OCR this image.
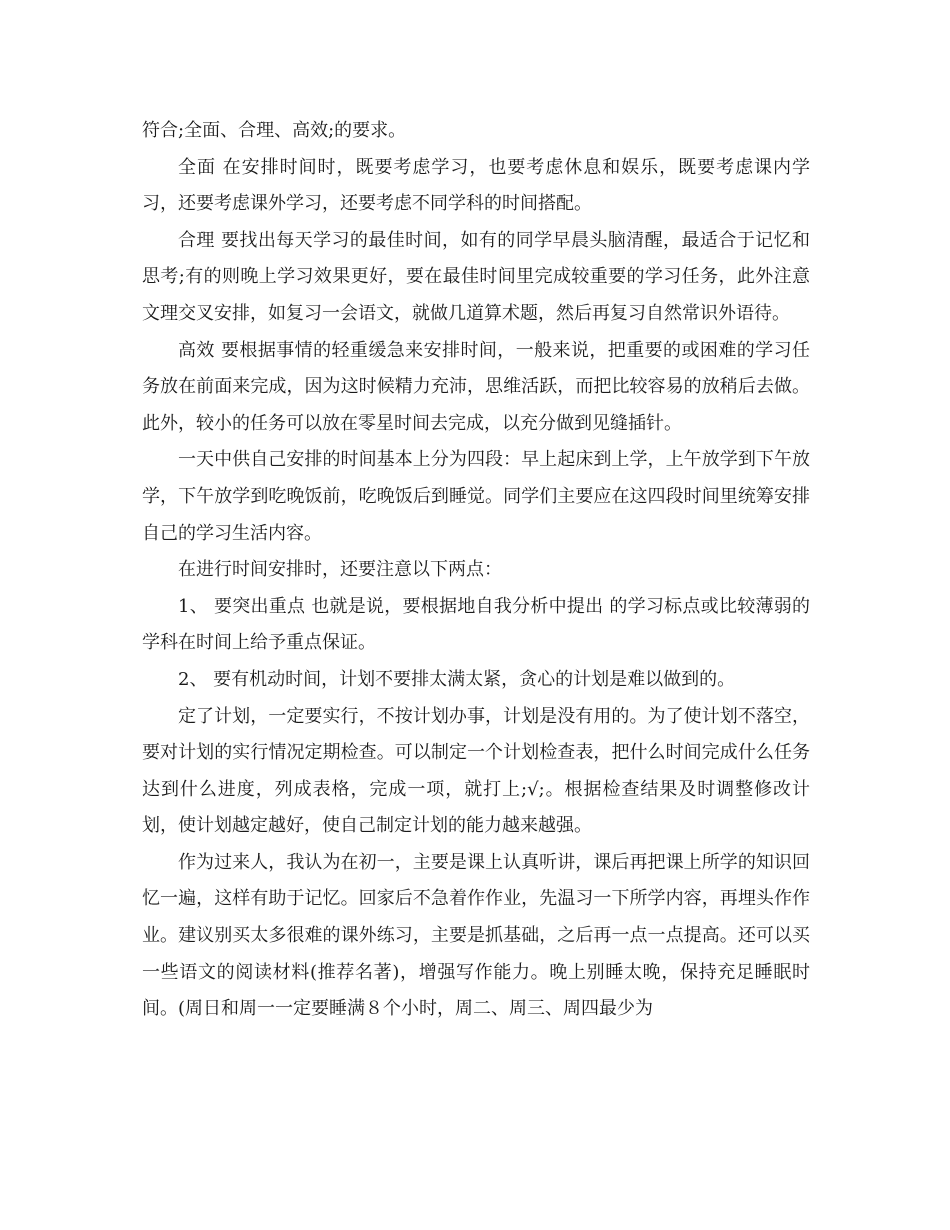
符合;全面、合理、高效;的要求。

全面 在安排时间时，既要考虑学习，也要考虑休息和娱乐，既要考虑课内学习，还要考虑课外学习，还要考虑不同学科的时间搭配。

合理 要找出每天学习的最佳时间，如有的同学早晨头脑清醒，最适合于记忆和思考;有的则晚上学习效果更好，要在最佳时间里完成较重要的学习任务，此外注意文理交叉安排，如复习一会语文，就做几道算术题，然后再复习自然常识外语待。

高效 要根据事情的轻重缓急来安排时间，一般来说，把重要的或困难的学习任务放在前面来完成，因为这时候精力充沛，思维活跃，而把比较容易的放稍后去做。此外，较小的任务可以放在零星时间去完成，以充分做到见缝插针。

一天中供自己安排的时间基本上分为四段：早上起床到上学，上午放学到下午放学，下午放学到吃晚饭前，吃晚饭后到睡觉。同学们主要应在这四段时间里统筹安排自己的学习生活内容。

在进行时间安排时，还要注意以下两点：

1、 要突出重点 也就是说，要根据地自我分析中提出 的学习标点或比较薄弱的学科在时间上给予重点保证。

2、 要有机动时间，计划不要排太满太紧，贪心的计划是难以做到的。

定了计划，一定要实行，不按计划办事，计划是没有用的。为了使计划不落空，要对计划的实行情况定期检查。可以制定一个计划检查表，把什么时间完成什么任务达到什么进度，列成表格，完成一项，就打上;√;。根据检查结果及时调整修改计划，使计划越定越好，使自己制定计划的能力越来越强。

作为过来人，我认为在初一，主要是课上认真听讲，课后再把课上所学的知识回忆一遍，这样有助于记忆。回家后不急着作作业，先温习一下所学内容，再埋头作作业。建议别买太多很难的课外练习，主要是抓基础，之后再一点一点提高。还可以买一些语文的阅读材料(推荐名著)，增强写作能力。晚上别睡太晚，保持充足睡眠时间。(周日和周一一定要睡满８个小时，周二、周三、周四最少为
